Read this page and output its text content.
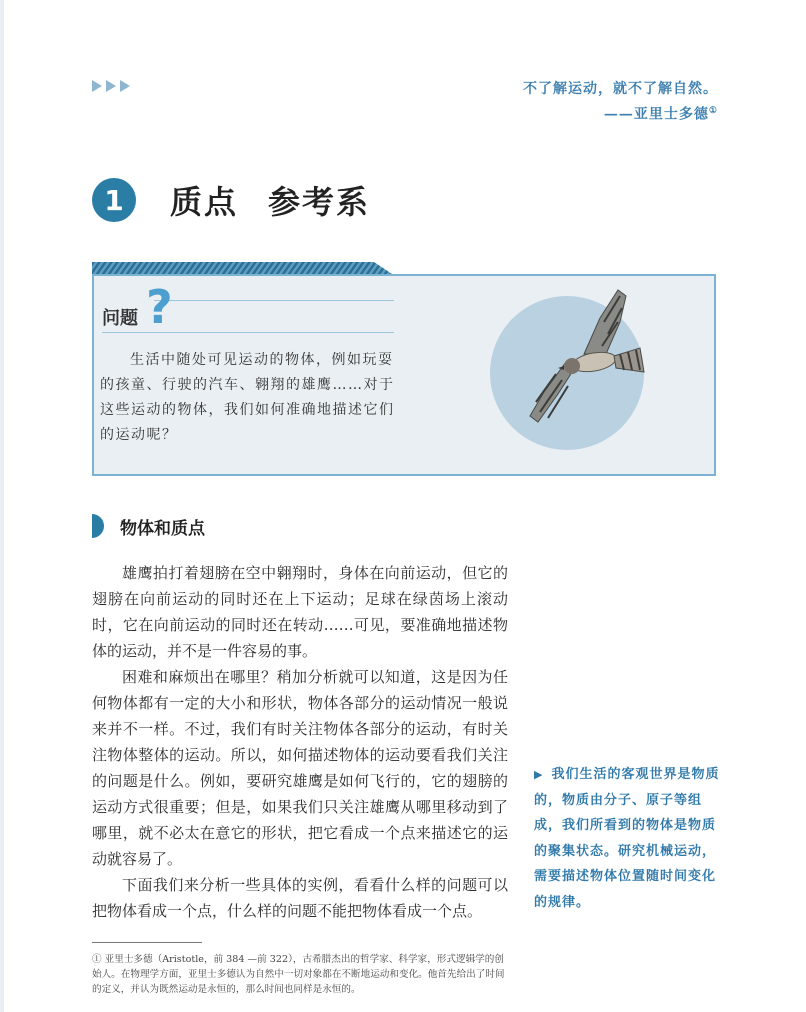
不了解运动，就不了解自然。
——亚里士多德①
1	质点 参考系
问题 ?

生活中随处可见运动的物体，例如玩耍的孩童、行驶的汽车、翱翔的雄鹰……对于这些运动的物体，我们如何准确地描述它们的运动呢？

物体和质点

雄鹰拍打着翅膀在空中翱翔时，身体在向前运动，但它的翅膀在向前运动的同时还在上下运动；足球在绿茵场上滚动时，它在向前运动的同时还在转动……可见，要准确地描述物体的运动，并不是一件容易的事。

困难和麻烦出在哪里？稍加分析就可以知道，这是因为任何物体都有一定的大小和形状，物体各部分的运动情况一般说来并不一样。不过，我们有时关注物体各部分的运动，有时关注物体整体的运动。所以，如何描述物体的运动要看我们关注的问题是什么。例如，要研究雄鹰是如何飞行的，它的翅膀的运动方式很重要；但是，如果我们只关注雄鹰从哪里移动到了哪里，就不必太在意它的形状，把它看成一个点来描述它的运动就容易了。

下面我们来分析一些具体的实例，看看什么样的问题可以把物体看成一个点，什么样的问题不能把物体看成一个点。

▶ 我们生活的客观世界是物质的，物质由分子、原子等组成，我们所看到的物体是物质的聚集状态。研究机械运动，需要描述物体位置随时间变化的规律。
① 亚里士多德（Aristotle，前 384 —前 322），古希腊杰出的哲学家、科学家，形式逻辑学的创始人。在物理学方面，亚里士多德认为自然中一切对象都在不断地运动和变化。他首先给出了时间的定义，并认为既然运动是永恒的，那么时间也同样是永恒的。
